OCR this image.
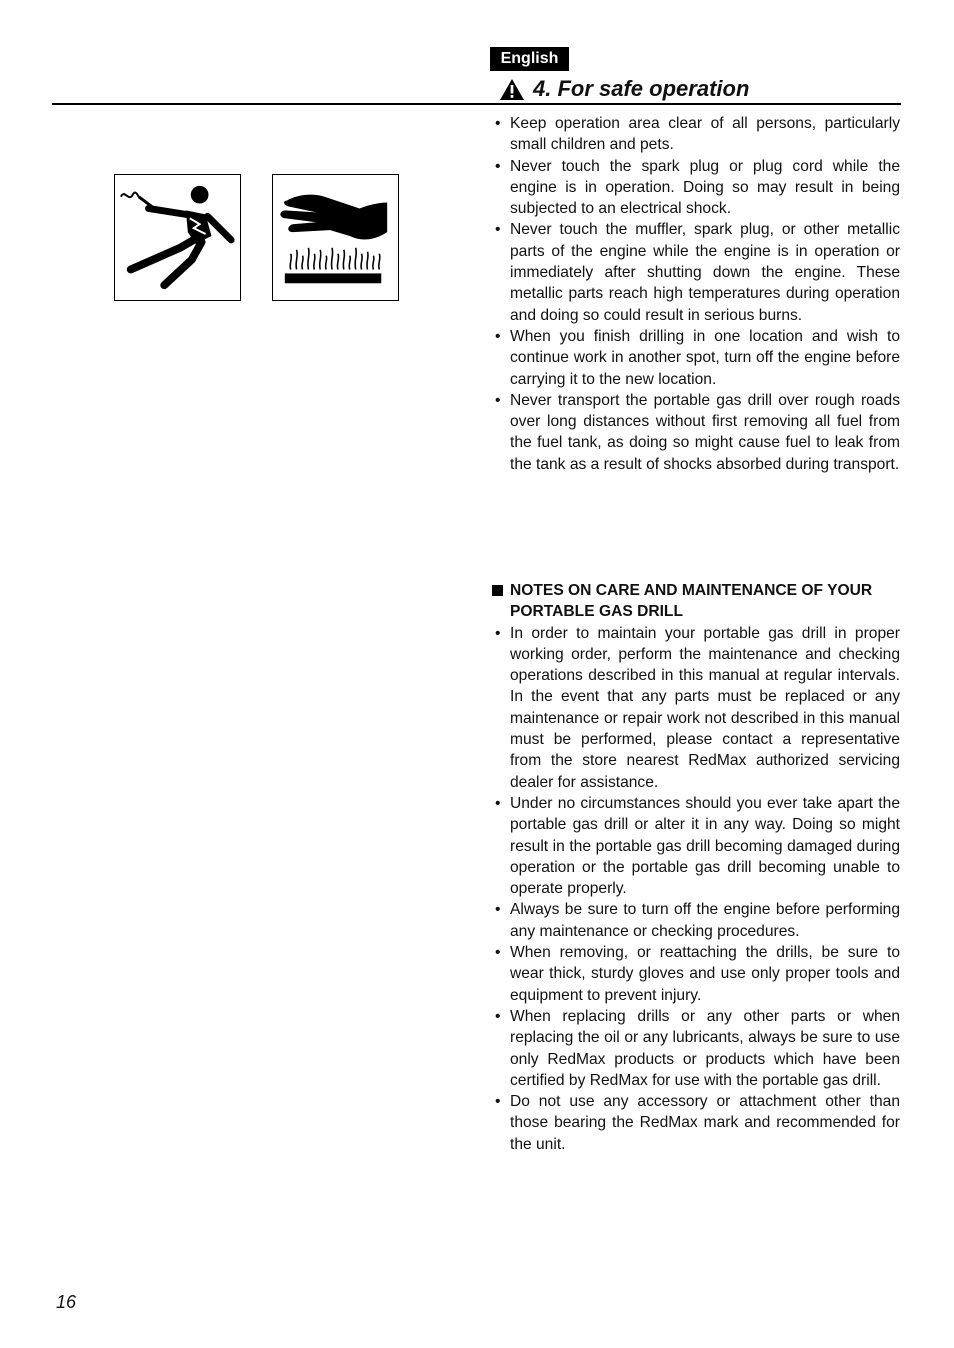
English
4. For safe operation
• Keep operation area clear of all persons, particularly small children and pets.
• Never touch the spark plug or plug cord while the engine is in operation. Doing so may result in being subjected to an electrical shock.
• Never touch the muffler, spark plug, or other metallic parts of the engine while the engine is in operation or immediately after shutting down the engine. These metallic parts reach high temperatures during operation and doing so could result in serious burns.
• When you finish drilling in one location and wish to continue work in another spot, turn off the engine before carrying it to the new location.
• Never transport the portable gas drill over rough roads over long distances without first removing all fuel from the fuel tank, as doing so might cause fuel to leak from the tank as a result of shocks absorbed during transport.
NOTES ON CARE AND MAINTENANCE OF YOUR PORTABLE GAS DRILL
• In order to maintain your portable gas drill in proper working order, perform the maintenance and checking operations described in this manual at regular intervals. In the event that any parts must be replaced or any maintenance or repair work not described in this manual must be performed, please contact a representative from the store nearest RedMax authorized servicing dealer for assistance.
• Under no circumstances should you ever take apart the portable gas drill or alter it in any way. Doing so might result in the portable gas drill becoming damaged during operation or the portable gas drill becoming unable to operate properly.
• Always be sure to turn off the engine before performing any maintenance or checking procedures.
• When removing, or reattaching the drills, be sure to wear thick, sturdy gloves and use only proper tools and equipment to prevent injury.
• When replacing drills or any other parts or when replacing the oil or any lubricants, always be sure to use only RedMax products or products which have been certified by RedMax for use with the portable gas drill.
• Do not use any accessory or attachment other than those bearing the RedMax mark and recommended for the unit.
16
